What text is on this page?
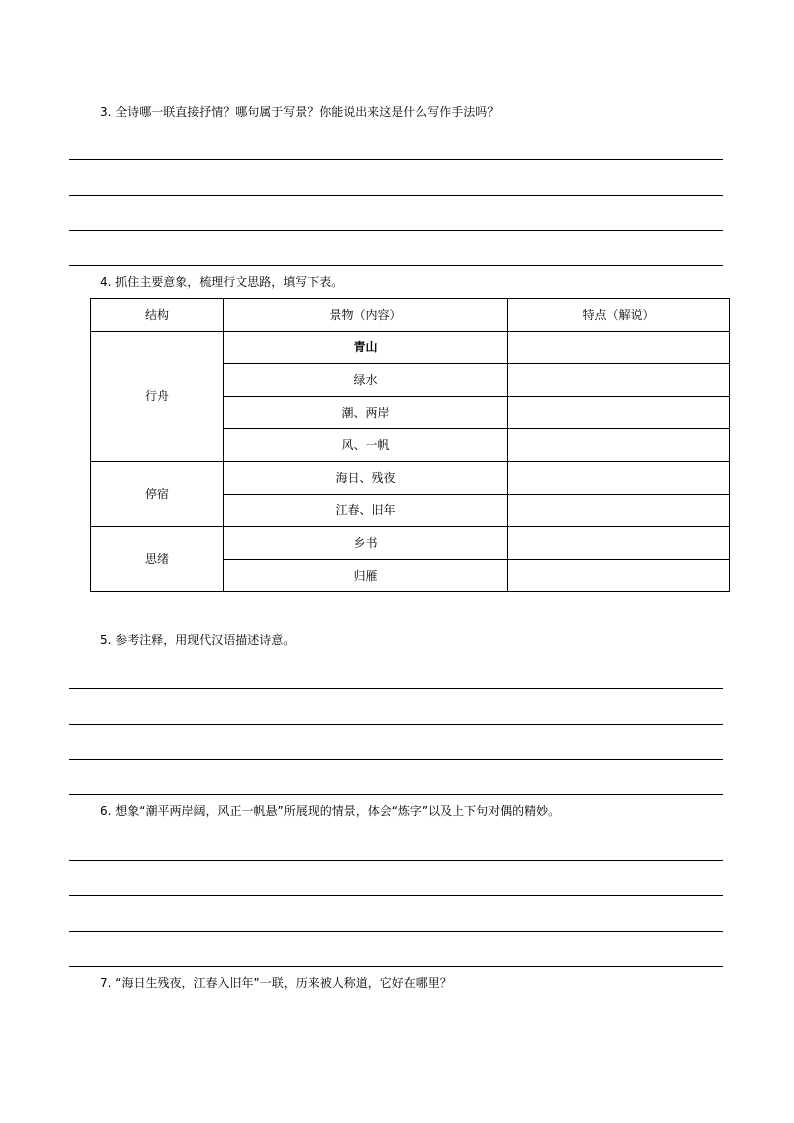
3. 全诗哪一联直接抒情？哪句属于写景？你能说出来这是什么写作手法吗？
4. 抓住主要意象，梳理行文思路，填写下表。
结构	景物（内容）	特点（解说）
行舟	青山	
	绿水	
	潮、两岸	
	风、一帆	
停宿	海日、残夜	
	江春、旧年	
思绪	乡书	
	归雁	
5. 参考注释，用现代汉语描述诗意。
6. 想象“潮平两岸阔，风正一帆悬”所展现的情景，体会“炼字”以及上下句对偶的精妙。
7. “海日生残夜，江春入旧年”一联，历来被人称道，它好在哪里？
